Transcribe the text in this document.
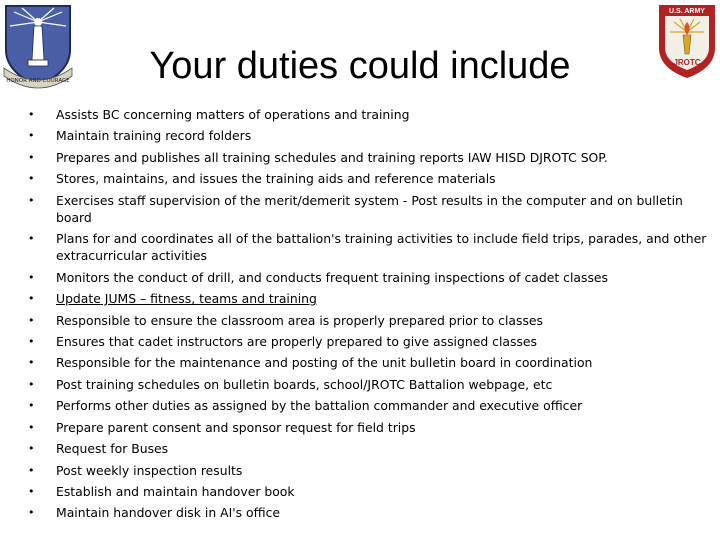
HONOR AND COURAGE
U.S. ARMY
JROTC
Your duties could include
• Assists BC concerning matters of operations and training
• Maintain training record folders
• Prepares and publishes all training schedules and training reports IAW HISD DJROTC SOP.
• Stores, maintains, and issues the training aids and reference materials
• Exercises staff supervision of the merit/demerit system - Post results in the computer and on bulletin board
• Plans for and coordinates all of the battalion's training activities to include field trips, parades, and other extracurricular activities
• Monitors the conduct of drill, and conducts frequent training inspections of cadet classes
• Update JUMS – fitness, teams and training
• Responsible to ensure the classroom area is properly prepared prior to classes
• Ensures that cadet instructors are properly prepared to give assigned classes
• Responsible for the maintenance and posting of the unit bulletin board in coordination
• Post training schedules on bulletin boards, school/JROTC Battalion webpage, etc
• Performs other duties as assigned by the battalion commander and executive officer
• Prepare parent consent and sponsor request for field trips
• Request for Buses
• Post weekly inspection results
• Establish and maintain handover book
• Maintain handover disk in AI's office
